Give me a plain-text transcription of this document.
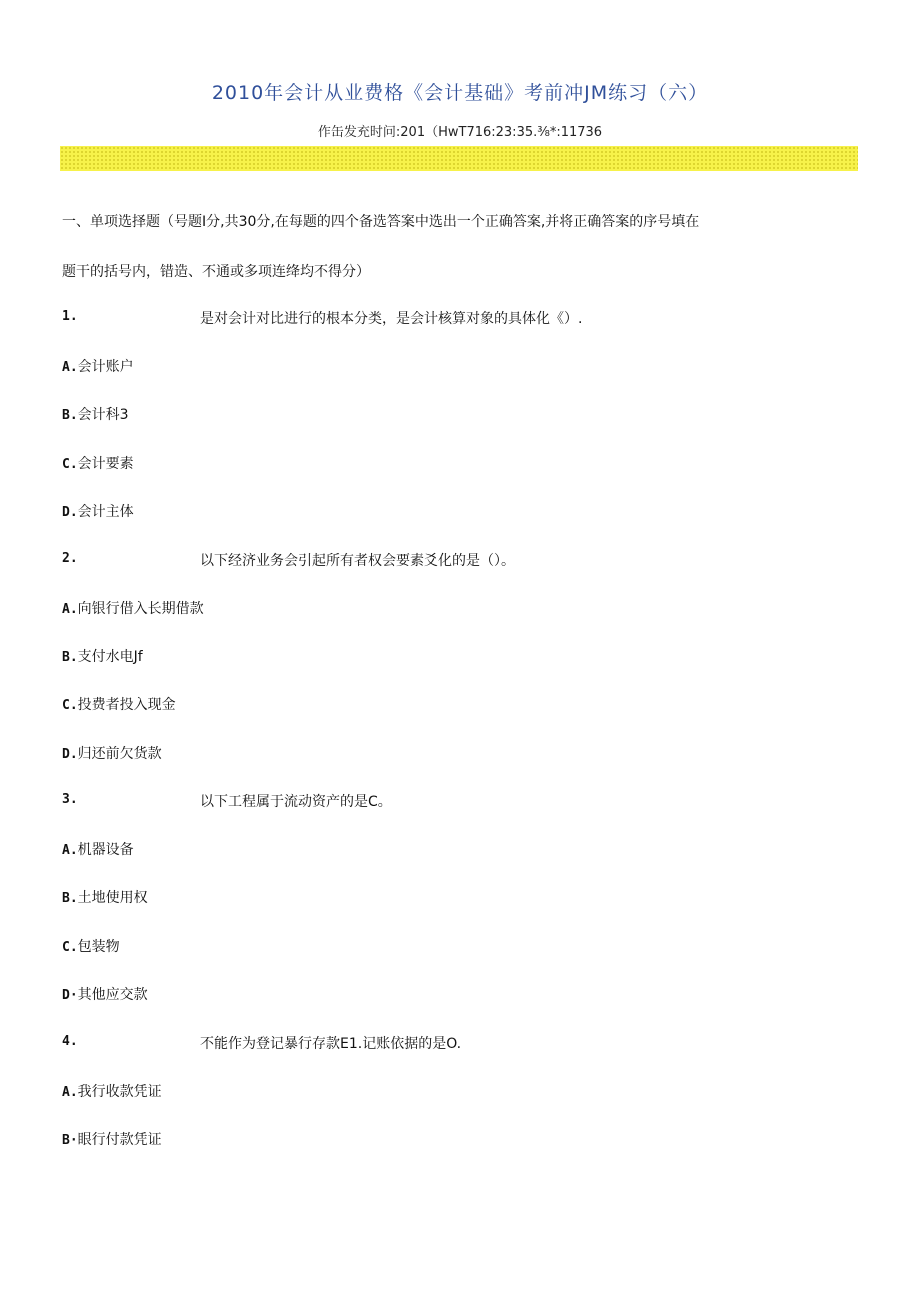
2010年会计从业费格《会计基础》考前冲JM练习（六）
作缶发充时问:201（HwT716:23:35.⅜*:11736
一、单项选择题（号题I分,共30分,在每题的四个备选答案中选出一个正确答案,并将正确答案的序号填在
题干的括号内，错造、不通或多项连绛均不得分）
1.	是对会计对比进行的根本分类，是会计核算对象的具体化《）.
A.会计账户
B.会计科3
C.会计要素
D.会计主体
2.	以下经济业务会引起所有者权会要素爻化的是（）。
A.向银行借入长期借款
B.支付水电Jf
C.投费者投入现金
D.归还前欠货款
3.	以下工程属于流动资产的是C。
A.机器设备
B.土地使用权
C.包装物
D·其他应交款
4.	不能作为登记暴行存款E1.记账依据的是O.
A.我行收款凭证
B·眼行付款凭证
